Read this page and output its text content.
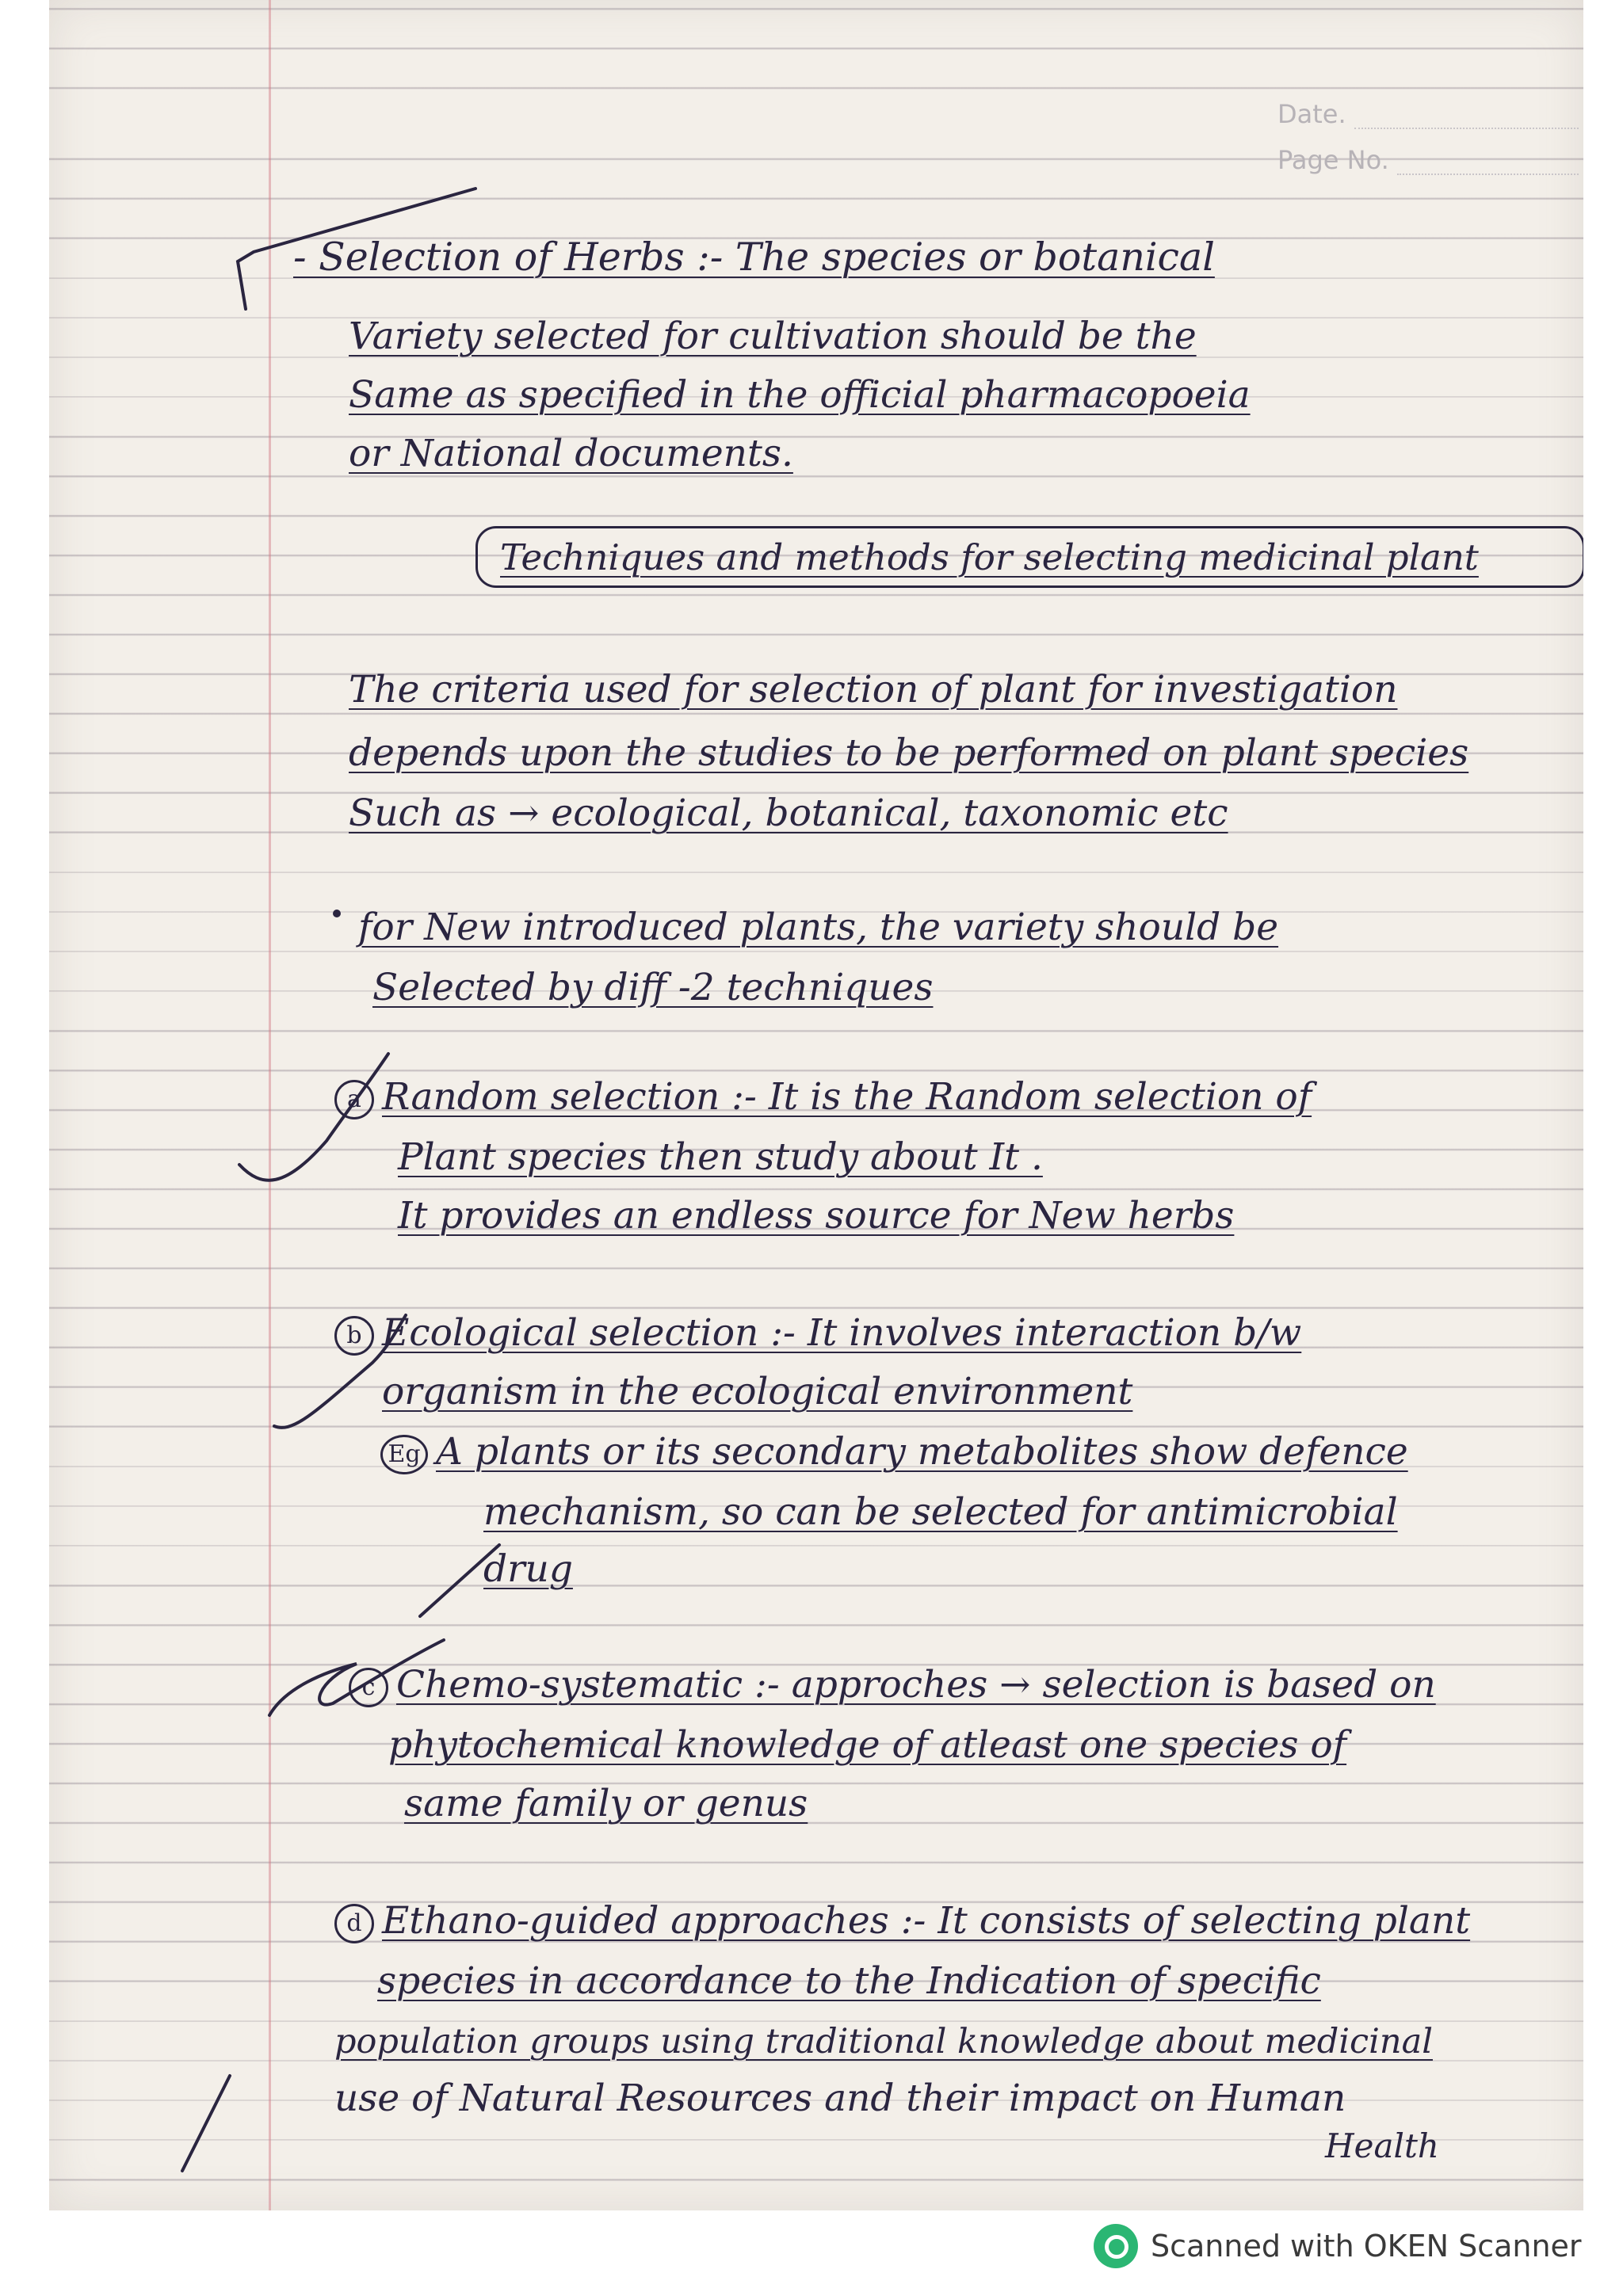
Date.
Page No.
- Selection of Herbs :- The species or botanical
Variety selected for cultivation should be the
Same as specified in the official pharmacopoeia
or National documents.
Techniques and methods for selecting medicinal plant
The criteria used for selection of plant for investigation
depends upon the studies to be performed on plant species
Such as → ecological, botanical, taxonomic etc
for New introduced plants, the variety should be
Selected by diff -2 techniques
a Random selection :- It is the Random selection of
Plant species then study about It .
It provides an endless source for New herbs
b Ecological selection :- It involves interaction b/w
organism in the ecological environment
Eg A plants or its secondary metabolites show defence
mechanism, so can be selected for antimicrobial
drug
c Chemo-systematic :- approches → selection is based on
phytochemical knowledge of atleast one species of
same family or genus
d Ethano-guided approaches :- It consists of selecting plant
species in accordance to the Indication of specific
population groups using traditional knowledge about medicinal
use of Natural Resources and their impact on Human
Health
Scanned with OKEN Scanner
